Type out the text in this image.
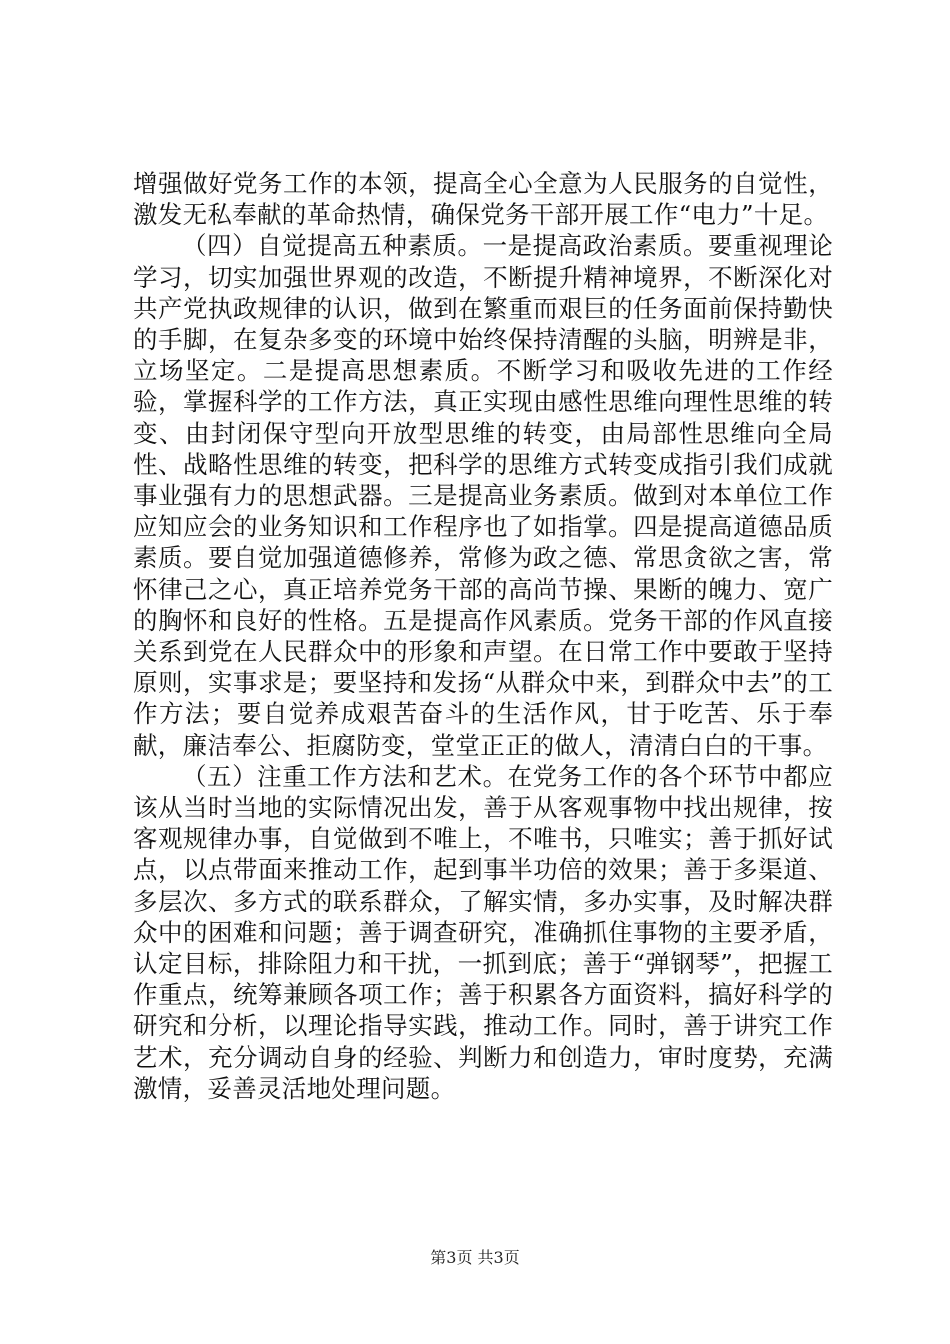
增强做好党务工作的本领，提高全心全意为人民服务的自觉性，激发无私奉献的革命热情，确保党务干部开展工作“电力”十足。

（四）自觉提高五种素质。一是提高政治素质。要重视理论学习，切实加强世界观的改造，不断提升精神境界，不断深化对共产党执政规律的认识，做到在繁重而艰巨的任务面前保持勤快的手脚，在复杂多变的环境中始终保持清醒的头脑，明辨是非，立场坚定。二是提高思想素质。不断学习和吸收先进的工作经验，掌握科学的工作方法，真正实现由感性思维向理性思维的转变、由封闭保守型向开放型思维的转变，由局部性思维向全局性、战略性思维的转变，把科学的思维方式转变成指引我们成就事业强有力的思想武器。三是提高业务素质。做到对本单位工作应知应会的业务知识和工作程序也了如指掌。四是提高道德品质素质。要自觉加强道德修养，常修为政之德、常思贪欲之害，常怀律己之心，真正培养党务干部的高尚节操、果断的魄力、宽广的胸怀和良好的性格。五是提高作风素质。党务干部的作风直接关系到党在人民群众中的形象和声望。在日常工作中要敢于坚持原则，实事求是；要坚持和发扬“从群众中来，到群众中去”的工作方法；要自觉养成艰苦奋斗的生活作风，甘于吃苦、乐于奉献，廉洁奉公、拒腐防变，堂堂正正的做人，清清白白的干事。

（五）注重工作方法和艺术。在党务工作的各个环节中都应该从当时当地的实际情况出发，善于从客观事物中找出规律，按客观规律办事，自觉做到不唯上，不唯书，只唯实；善于抓好试点，以点带面来推动工作，起到事半功倍的效果；善于多渠道、多层次、多方式的联系群众，了解实情，多办实事，及时解决群众中的困难和问题；善于调查研究，准确抓住事物的主要矛盾，认定目标，排除阻力和干扰，一抓到底；善于“弹钢琴”，把握工作重点，统筹兼顾各项工作；善于积累各方面资料，搞好科学的研究和分析，以理论指导实践，推动工作。同时，善于讲究工作艺术，充分调动自身的经验、判断力和创造力，审时度势，充满激情，妥善灵活地处理问题。

第3页 共3页
